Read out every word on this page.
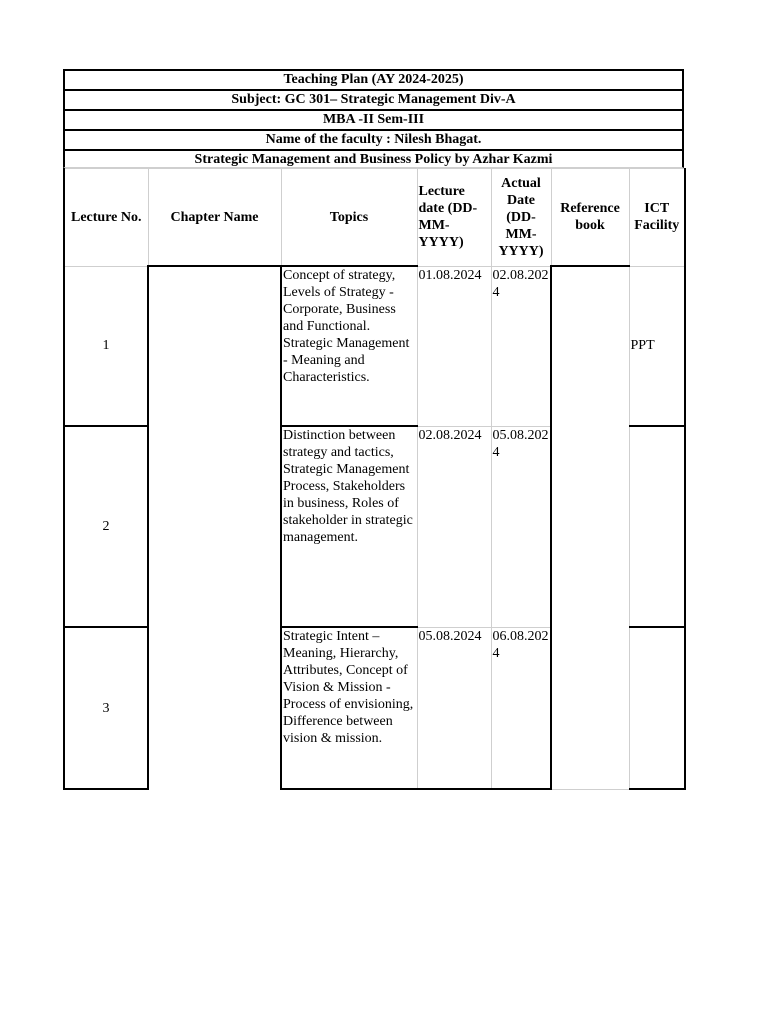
Teaching Plan (AY 2024-2025)
Subject: GC 301– Strategic Management Div-A
MBA -II Sem-III
Name of the faculty : Nilesh Bhagat.
Strategic Management and Business Policy by Azhar Kazmi
Lecture No.	Chapter Name	Topics	Lecture date (DD-MM-YYYY)	Actual Date (DD-MM-YYYY)	Reference book	ICT Facility
1		Concept of strategy, Levels of Strategy - Corporate, Business and Functional. Strategic Management - Meaning and Characteristics.	01.08.2024	02.08.2024		PPT
2		Distinction between strategy and tactics, Strategic Management Process, Stakeholders in business, Roles of stakeholder in strategic management.	02.08.2024	05.08.2024		
3		Strategic Intent – Meaning, Hierarchy, Attributes, Concept of Vision & Mission - Process of envisioning, Difference between vision & mission.	05.08.2024	06.08.2024		
